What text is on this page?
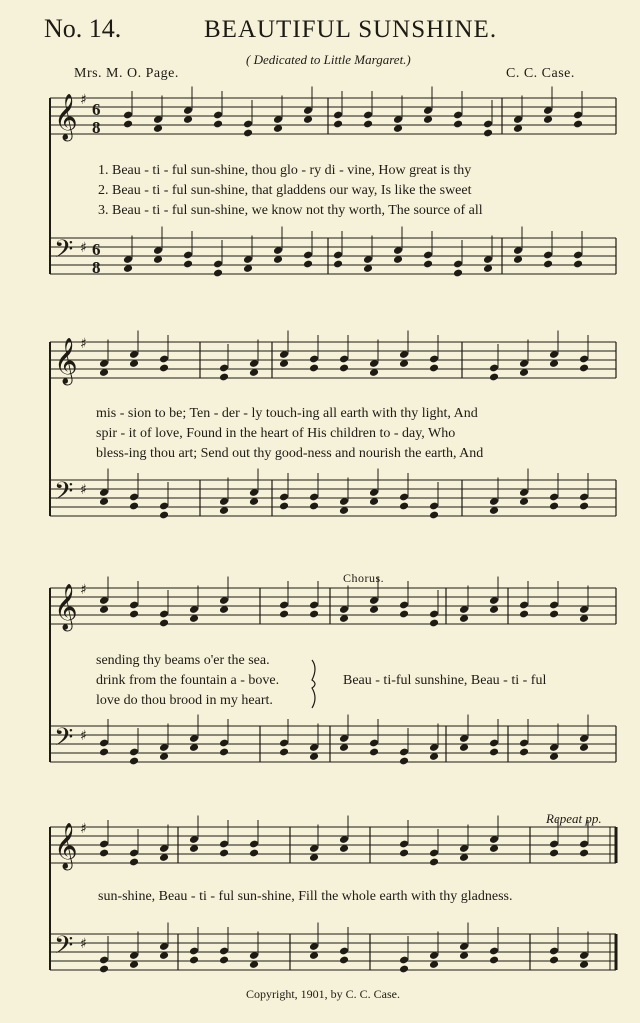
No. 14.	BEAUTIFUL SUNSHINE.
( Dedicated to Little Margaret.)
Mrs. M. O. Page.	C. C. Case.
𝄞 ♯
𝄢 ♯
𝄞 ♯
𝄢 ♯
𝄞 ♯
𝄢 ♯
𝄞 ♯
𝄢 ♯
6
8
6
8
1. Beau - ti - ful sun-shine, thou glo - ry di - vine, How great is thy
2. Beau - ti - ful sun-shine, that gladdens our way, Is like the sweet
3. Beau - ti - ful sun-shine, we know not thy worth, The source of all
mis - sion to be; Ten - der - ly touch-ing all earth with thy light, And
spir - it of love, Found in the heart of His children to - day, Who
bless-ing thou art; Send out thy good-ness and nourish the earth, And
Chorus.
sending thy beams o'er the sea.
drink from the fountain a - bove.
love do thou brood in my heart.
Beau - ti-ful sunshine, Beau - ti - ful
Repeat pp.
sun-shine, Beau - ti - ful sun-shine, Fill the whole earth with thy gladness.
Copyright, 1901, by C. C. Case.
